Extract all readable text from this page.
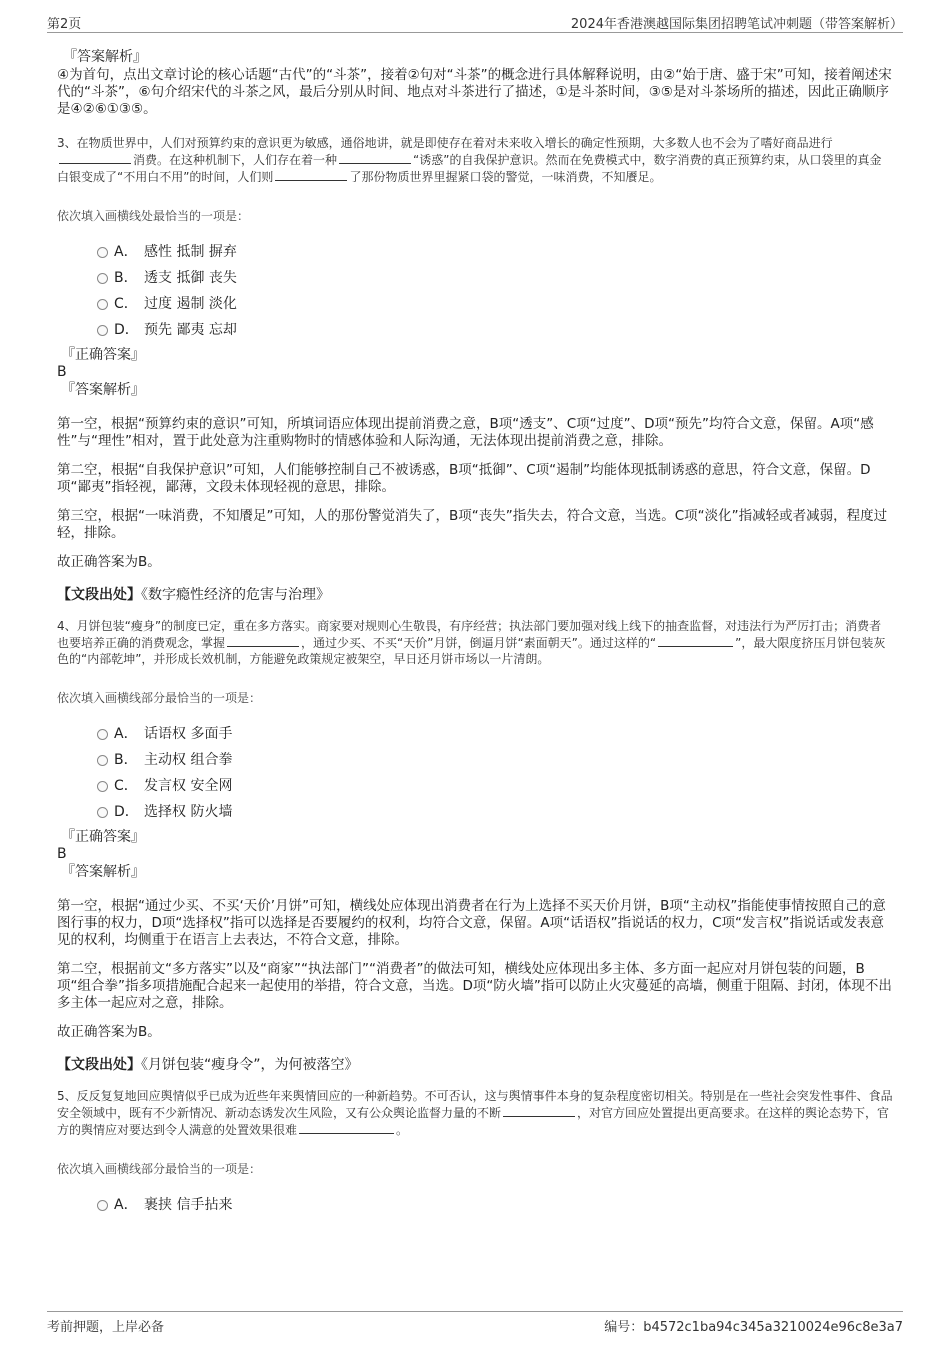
第2页	2024年香港澳越国际集团招聘笔试冲刺题（带答案解析）

『答案解析』

④为首句，点出文章讨论的核心话题“古代”的“斗茶”，接着②句对“斗茶”的概念进行具体解释说明，由②“始于唐、盛于宋”可知，接着阐述宋代的“斗茶”，⑥句介绍宋代的斗茶之风，最后分别从时间、地点对斗茶进行了描述，①是斗茶时间，③⑤是对斗茶场所的描述，因此正确顺序是④②⑥①③⑤。

3、在物质世界中，人们对预算约束的意识更为敏感，通俗地讲，就是即使存在着对未来收入增长的确定性预期，大多数人也不会为了嗜好商品进行消费。在这种机制下，人们存在着一种	“诱惑”的自我保护意识。然而在免费模式中，数字消费的真正预算约束，从口袋里的真金白银变成了“不用白不用”的时间，人们则	了那份物质世界里握紧口袋的警觉，一味消费，不知餍足。

依次填入画横线处最恰当的一项是：

A． 感性 抵制 摒弃
B． 透支 抵御 丧失
C． 过度 遏制 淡化
D． 预先 鄙夷 忘却

『正确答案』

B

『答案解析』

第一空，根据“预算约束的意识”可知，所填词语应体现出提前消费之意，B项“透支”、C项“过度”、D项“预先”均符合文意，保留。A项“感性”与“理性”相对，置于此处意为注重购物时的情感体验和人际沟通，无法体现出提前消费之意，排除。

第二空，根据“自我保护意识”可知，人们能够控制自己不被诱惑，B项“抵御”、C项“遏制”均能体现抵制诱惑的意思，符合文意，保留。D项“鄙夷”指轻视，鄙薄，文段未体现轻视的意思，排除。

第三空，根据“一味消费，不知餍足”可知，人的那份警觉消失了，B项“丧失”指失去，符合文意，当选。C项“淡化”指减轻或者减弱，程度过轻，排除。

故正确答案为B。

【文段出处】《数字瘾性经济的危害与治理》

4、月饼包装“瘦身”的制度已定，重在多方落实。商家要对规则心生敬畏，有序经营；执法部门要加强对线上线下的抽查监督，对违法行为严厉打击；消费者也要培养正确的消费观念，掌握	，通过少买、不买“天价”月饼，倒逼月饼“素面朝天”。通过这样的“	”，最大限度挤压月饼包装灰色的“内部乾坤”，并形成长效机制，方能避免政策规定被架空，早日还月饼市场以一片清朗。

依次填入画横线部分最恰当的一项是：

A． 话语权 多面手
B． 主动权 组合拳
C． 发言权 安全网
D． 选择权 防火墙

『正确答案』

B

『答案解析』

第一空，根据“通过少买、不买‘天价’月饼”可知，横线处应体现出消费者在行为上选择不买天价月饼，B项“主动权”指能使事情按照自己的意图行事的权力，D项“选择权”指可以选择是否要履约的权利，均符合文意，保留。A项“话语权”指说话的权力，C项“发言权”指说话或发表意见的权利，均侧重于在语言上去表达，不符合文意，排除。

第二空，根据前文“多方落实”以及“商家”“执法部门”“消费者”的做法可知，横线处应体现出多主体、多方面一起应对月饼包装的问题，B项“组合拳”指多项措施配合起来一起使用的举措，符合文意，当选。D项“防火墙”指可以防止火灾蔓延的高墙，侧重于阻隔、封闭，体现不出多主体一起应对之意，排除。

故正确答案为B。

【文段出处】《月饼包装“瘦身令”，为何被落空》

5、反反复复地回应舆情似乎已成为近些年来舆情回应的一种新趋势。不可否认，这与舆情事件本身的复杂程度密切相关。特别是在一些社会突发性事件、食品安全领域中，既有不少新情况、新动态诱发次生风险，又有公众舆论监督力量的不断	，对官方回应处置提出更高要求。在这样的舆论态势下，官方的舆情应对要达到令人满意的处置效果很难	。

依次填入画横线部分最恰当的一项是：

A． 裹挟 信手拈来
考前押题，上岸必备	编号：b4572c1ba94c345a3210024e96c8e3a7
